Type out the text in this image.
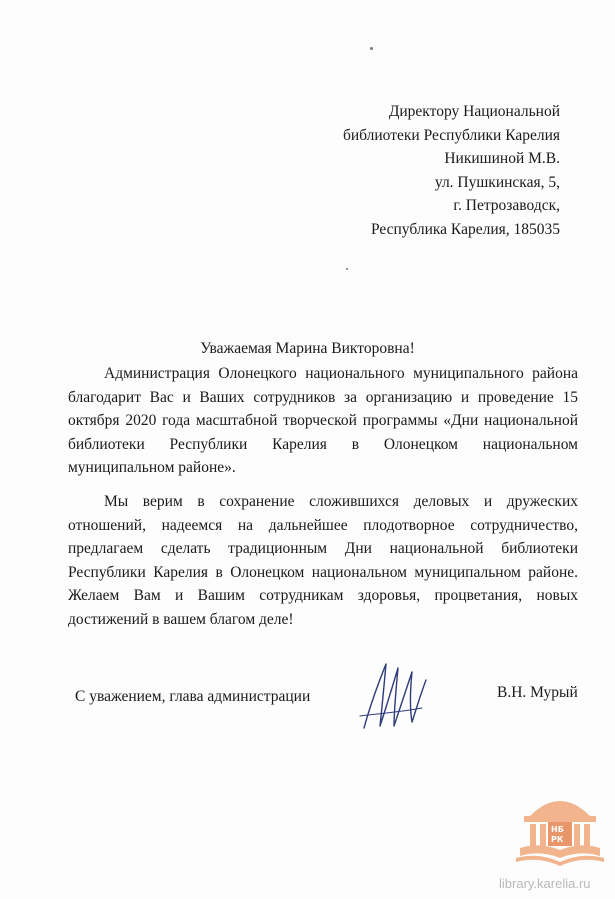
Директору Национальной
библиотеки Республики Карелия
Никишиной М.В.
ул. Пушкинская, 5,
г. Петрозаводск,
Республика Карелия, 185035
Уважаемая Марина Викторовна!

Администрация Олонецкого национального муниципального района благодарит Вас и Ваших сотрудников за организацию и проведение 15 октября 2020 года масштабной творческой программы «Дни национальной библиотеки Республики Карелия в Олонецком национальном муниципальном районе».

Мы верим в сохранение сложившихся деловых и дружеских отношений, надеемся на дальнейшее плодотворное сотрудничество, предлагаем сделать традиционным Дни национальной библиотеки Республики Карелия в Олонецком национальном муниципальном районе. Желаем Вам и Вашим сотрудникам здоровья, процветания, новых достижений в вашем благом деле!

С уважением, глава администрации	В.Н. Мурый
НБ
РК
library.karelia.ru
